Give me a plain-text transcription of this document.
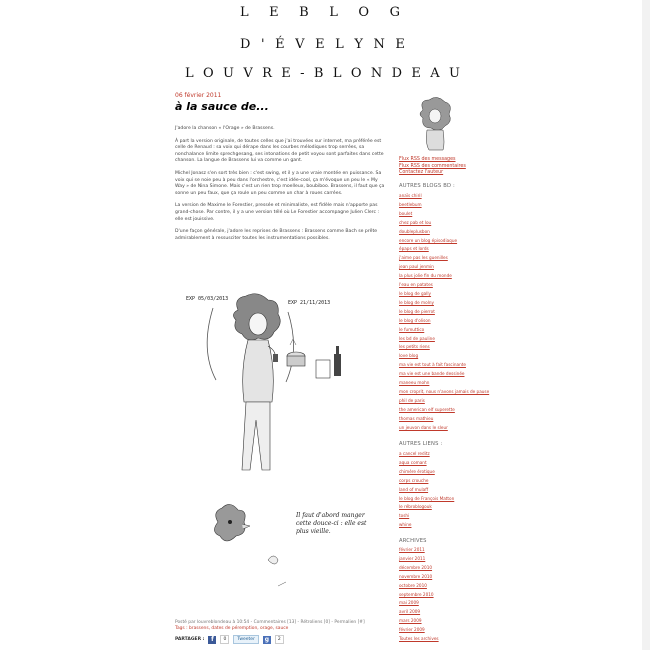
L E B L O G
D ' É V E L Y N E
L O U V R E - B L O N D E A U
06 février 2011
à la sauce de...

J'adore la chanson « l'Orage » de Brassens.

À part la version originale, de toutes celles que j'ai trouvées sur internet, ma préférée est celle de Renaud : sa voix qui dérape dans les courbes mélodiques trop serrées, sa nonchalance limite sprechgesang, ses intonations de petit voyou sont parfaites dans cette chanson. La langue de Brassens lui va comme un gant.

Michel Jonasz s'en sort très bien : c'est swing, et il y a une vraie montée en puissance. Sa voix qui se noie peu à peu dans l'orchestre, c'est idée-cool, ça m'évoque un peu le « My Way » de Nina Simone. Mais c'est un rien trop moelleux, boubiboo. Brassens, il faut que ça sonne un peu faux, que ça roule un peu comme un char à roues carrées.

La version de Maxime le Forestier, pressée et minimaliste, est fidèle mais n'apporte pas grand-chose. Par contre, il y a une version télé où Le Forestier accompagne Julien Clerc : elle est jouissive.

D'une façon générale, j'adore les reprises de Brassens : Brassens comme Bach se prête admirablement à ressusciter toutes les instrumentations possibles.

EXP 05/03/2013
EXP 21/11/2013
Il faut d'abord manger cette douce-ci : elle est plus vieille.
Posté par louvreblondeau à 10:54 - Commentaires [13] - Rétroliens [0] - Permalien [#]
Tags : brassens, dates de péremption, orage, sauce
PARTAGER :	f	0	Tweeter	g	2
Flux RSS des messages
Flux RSS des commentaires
Contactez l'auteur
AUTRES BLOGS BD :
anaïs chiril
beetlebum
boulet
chez pab et lou
doubleplusbon
encore un blog épisodiaque
épaps et lords
j'aime pas les guenilles
jean paul jenmin
la plus jolie fin du monde
l'eau en patates
le blog de gally
le blog de molny
le blog de pierrot
le blog d'olison
le fumuttico
les bd de pauline
les petits riens
love blog
ma vie est tout à fait fascinante
ma vie est une bande dessinée
maneeu mohn
mon croprit, nous n'avons jamais de pause
phil de paris
the american elf superette
thomas mathieu
un jeuvon dans le sleur
AUTRES LIENS :
a cancel reditz
aqua comant
chimère érotique
corps crouche
land of mulaff
le blog de François Matton
le rébroblogouk
toshi
whine
ARCHIVES
février 2011
janvier 2011
décembre 2010
novembre 2010
octobre 2010
septembre 2010
mai 2009
avril 2009
mars 2009
février 2009
Toutes les archives
